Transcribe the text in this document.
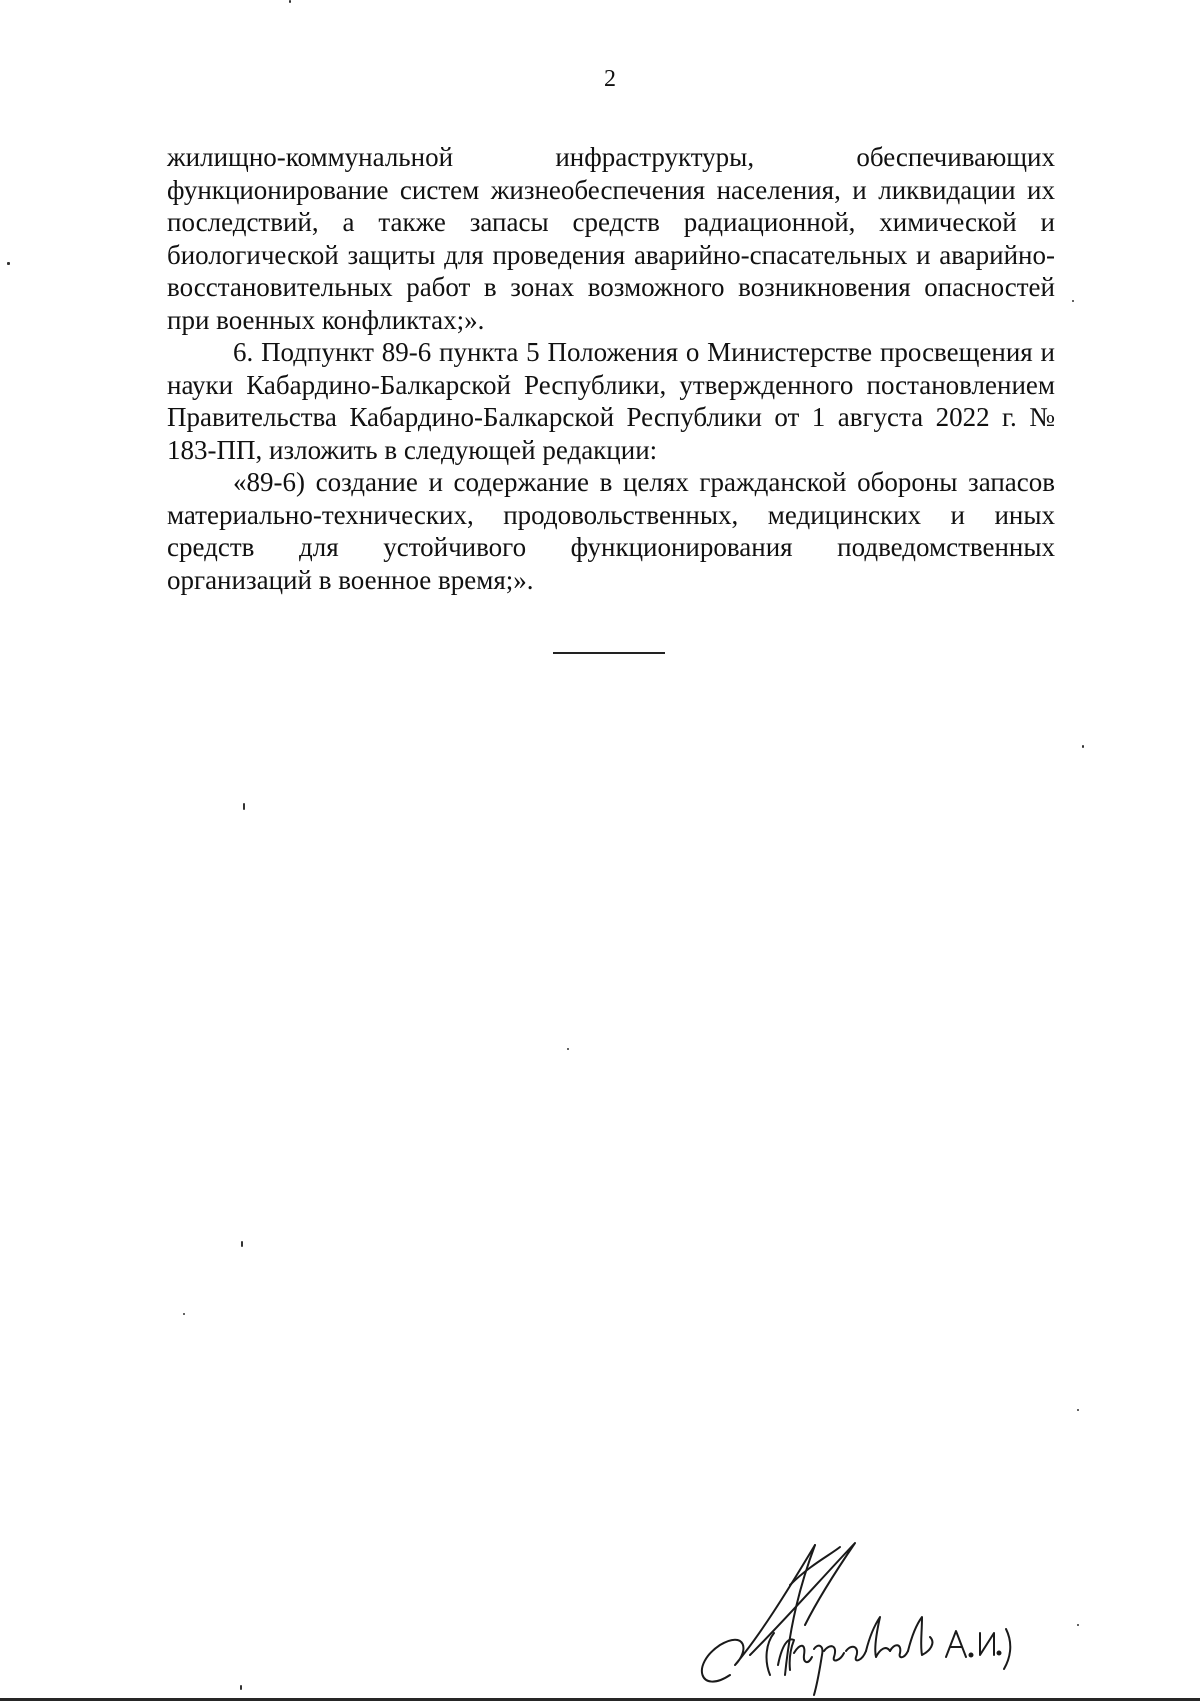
2

жилищно-коммунальной инфраструктуры, обеспечивающих функционирование систем жизнеобеспечения населения, и ликвидации их последствий, а также запасы средств радиационной, химической и биологической защиты для проведения аварийно-спасательных и аварийно-восстановительных работ в зонах возможного возникновения опасностей при военных конфликтах;».

6. Подпункт 89-6 пункта 5 Положения о Министерстве просвещения и науки Кабардино-Балкарской Республики, утвержденного постановлением Правительства Кабардино-Балкарской Республики от 1 августа 2022 г. № 183-ПП, изложить в следующей редакции:

«89-6) создание и содержание в целях гражданской обороны запасов материально-технических, продовольственных, медицинских и иных средств для устойчивого функционирования подведомственных организаций в военное время;».
